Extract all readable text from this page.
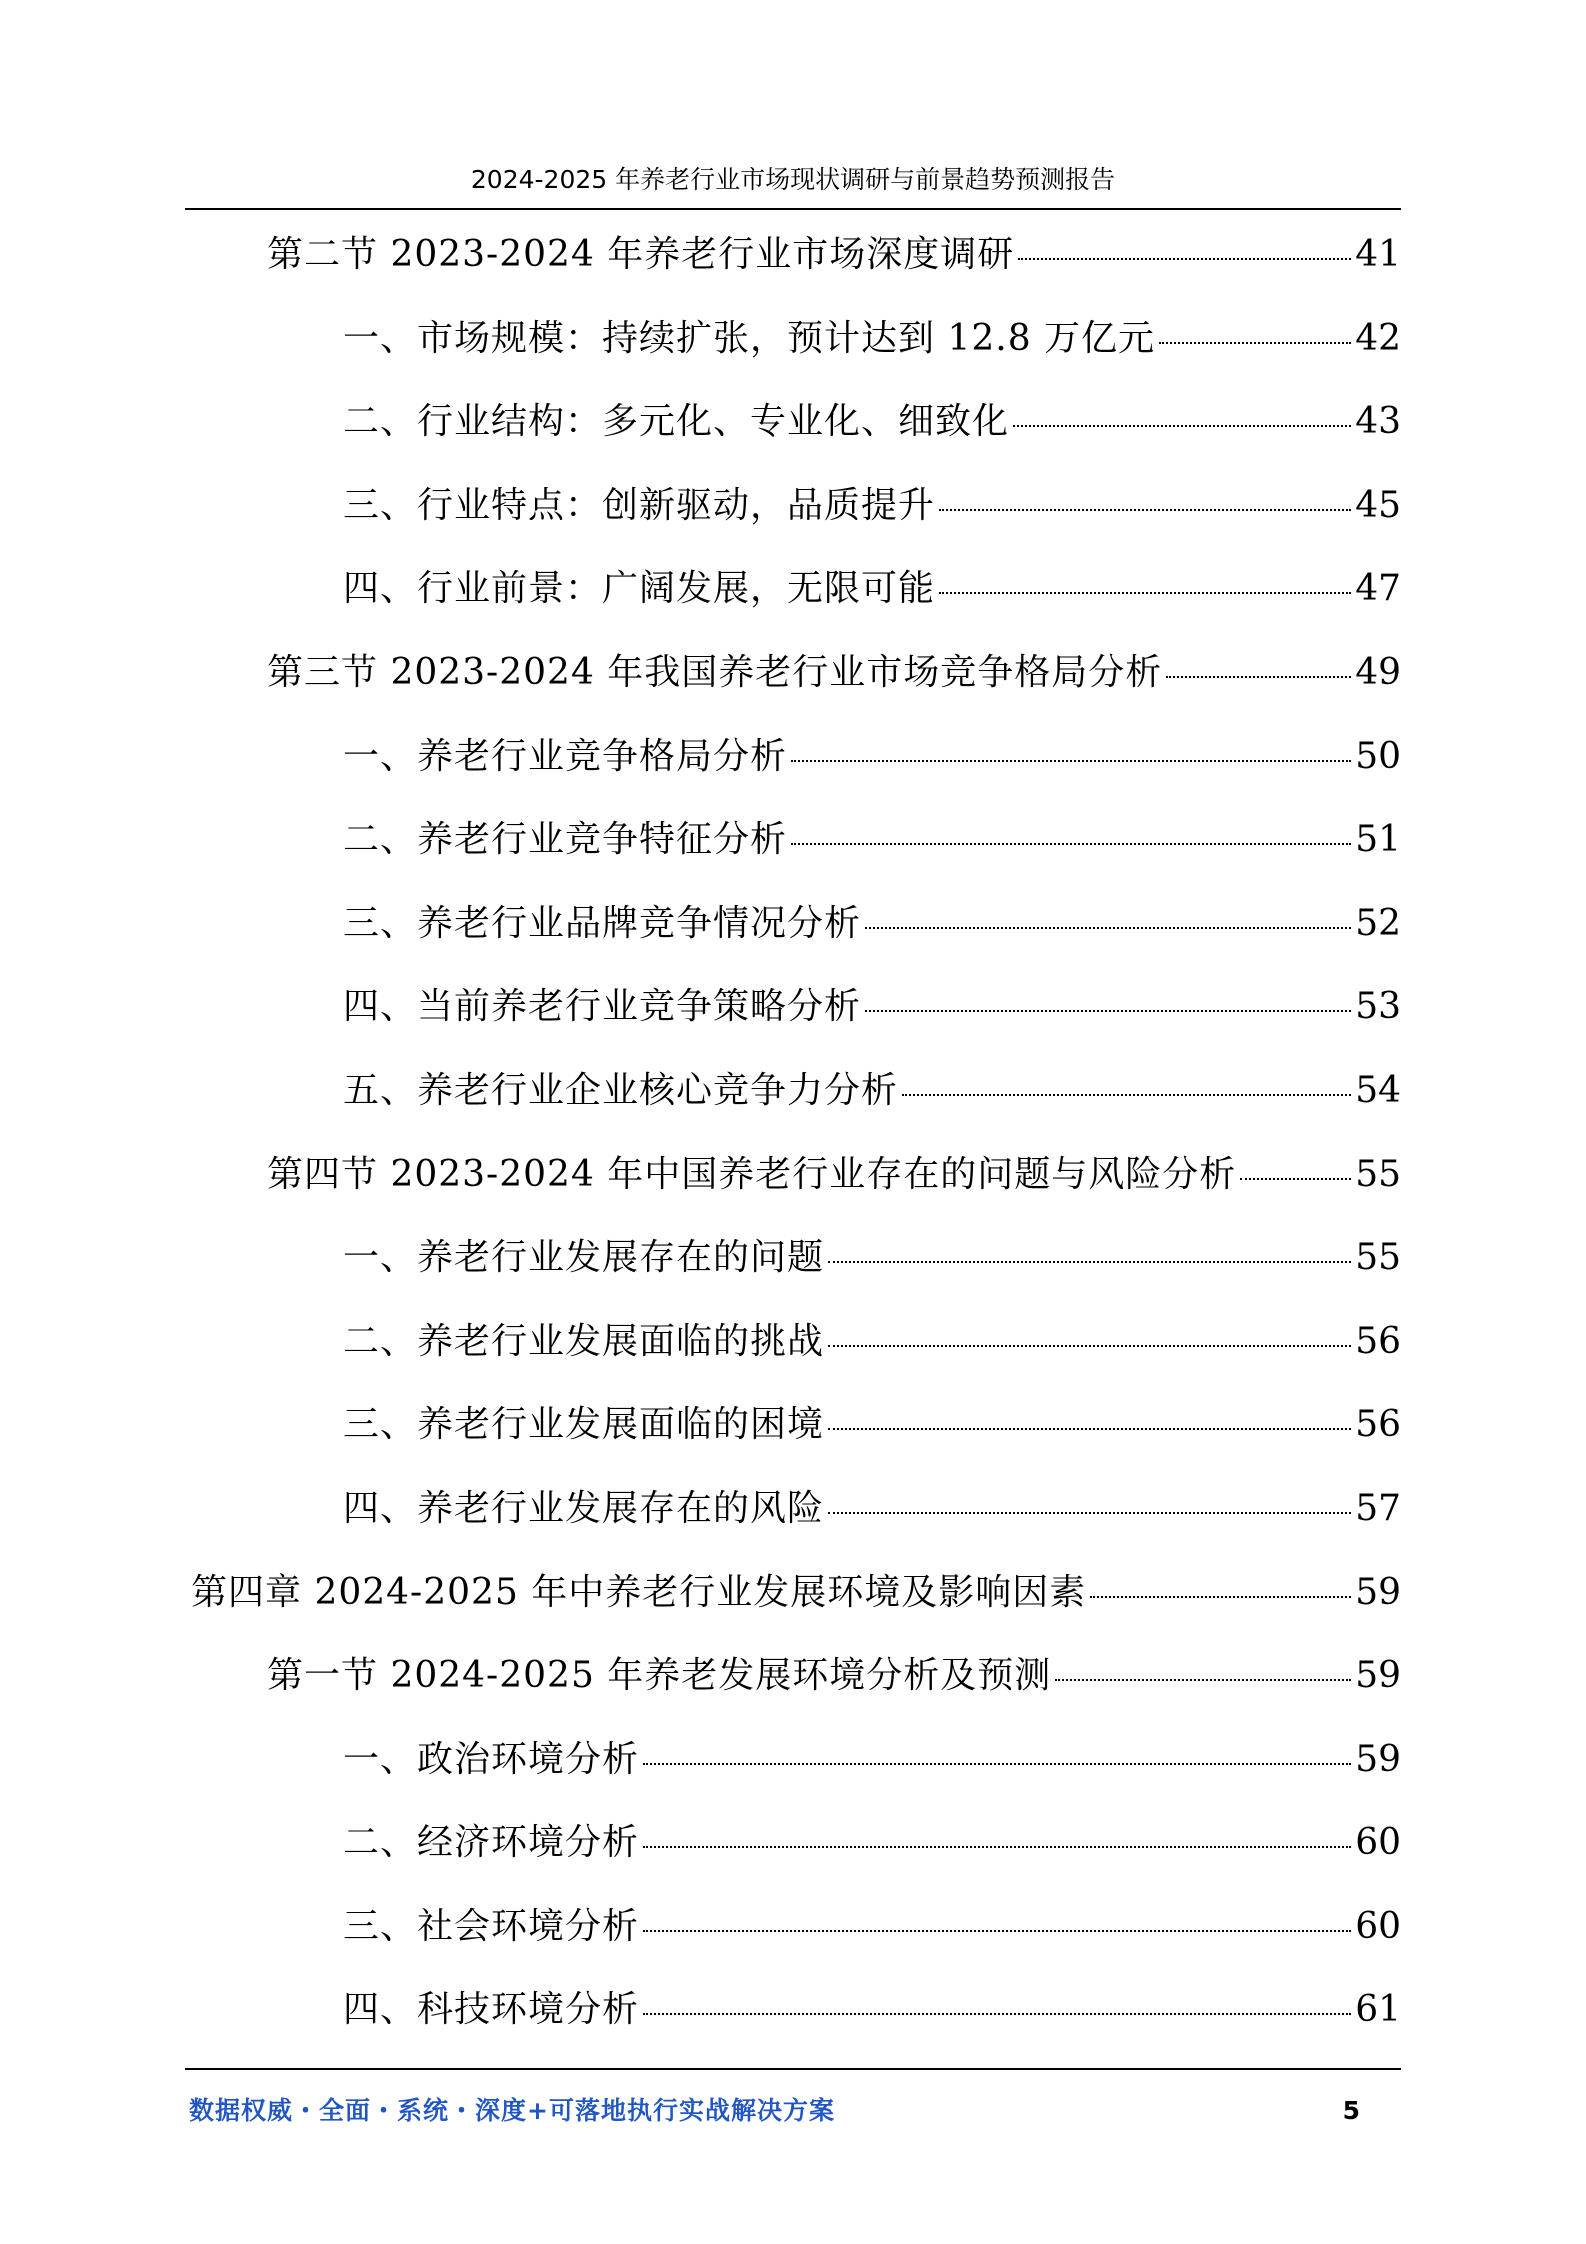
2024-2025 年养老行业市场现状调研与前景趋势预测报告
第二节 2023-2024 年养老行业市场深度调研	41
一、市场规模：持续扩张，预计达到 12.8 万亿元	42
二、行业结构：多元化、专业化、细致化	43
三、行业特点：创新驱动，品质提升	45
四、行业前景：广阔发展，无限可能	47
第三节 2023-2024 年我国养老行业市场竞争格局分析	49
一、养老行业竞争格局分析	50
二、养老行业竞争特征分析	51
三、养老行业品牌竞争情况分析	52
四、当前养老行业竞争策略分析	53
五、养老行业企业核心竞争力分析	54
第四节 2023-2024 年中国养老行业存在的问题与风险分析	55
一、养老行业发展存在的问题	55
二、养老行业发展面临的挑战	56
三、养老行业发展面临的困境	56
四、养老行业发展存在的风险	57
第四章 2024-2025 年中养老行业发展环境及影响因素	59
第一节 2024-2025 年养老发展环境分析及预测	59
一、政治环境分析	59
二、经济环境分析	60
三、社会环境分析	60
四、科技环境分析	61
数据权威・全面・系统・深度+可落地执行实战解决方案	5
